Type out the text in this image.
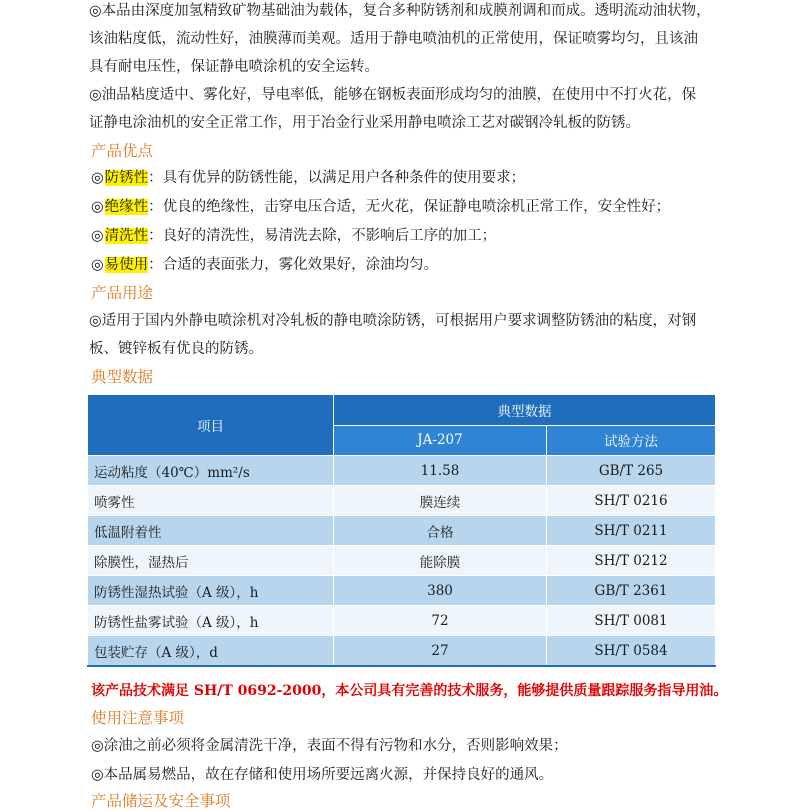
◎本品由深度加氢精致矿物基础油为载体，复合多种防锈剂和成膜剂调和而成。透明流动油状物，
该油粘度低，流动性好，油膜薄而美观。适用于静电喷油机的正常使用，保证喷雾均匀，且该油
具有耐电压性，保证静电喷涂机的安全运转。
◎油品粘度适中、雾化好，导电率低，能够在钢板表面形成均匀的油膜，在使用中不打火花，保
证静电涂油机的安全正常工作，用于冶金行业采用静电喷涂工艺对碳钢冷轧板的防锈。
产品优点
◎防锈性：具有优异的防锈性能，以满足用户各种条件的使用要求；
◎绝缘性：优良的绝缘性，击穿电压合适，无火花，保证静电喷涂机正常工作，安全性好；
◎清洗性：良好的清洗性，易清洗去除，不影响后工序的加工；
◎易使用：合适的表面张力，雾化效果好，涂油均匀。
产品用途
◎适用于国内外静电喷涂机对冷轧板的静电喷涂防锈，可根据用户要求调整防锈油的粘度，对钢
板、镀锌板有优良的防锈。
典型数据
项目	典型数据	
	JA-207	试验方法
运动粘度（40℃）mm²/s	11.58	GB/T 265
喷雾性	膜连续	SH/T 0216
低温附着性	合格	SH/T 0211
除膜性，湿热后	能除膜	SH/T 0212
防锈性湿热试验（A 级），h	380	GB/T 2361
防锈性盐雾试验（A 级），h	72	SH/T 0081
包装贮存（A 级），d	27	SH/T 0584
该产品技术满足 SH/T 0692-2000，本公司具有完善的技术服务，能够提供质量跟踪服务指导用油。
使用注意事项
◎涂油之前必须将金属清洗干净，表面不得有污物和水分，否则影响效果；
◎本品属易燃品，故在存储和使用场所要远离火源，并保持良好的通风。
产品储运及安全事项
